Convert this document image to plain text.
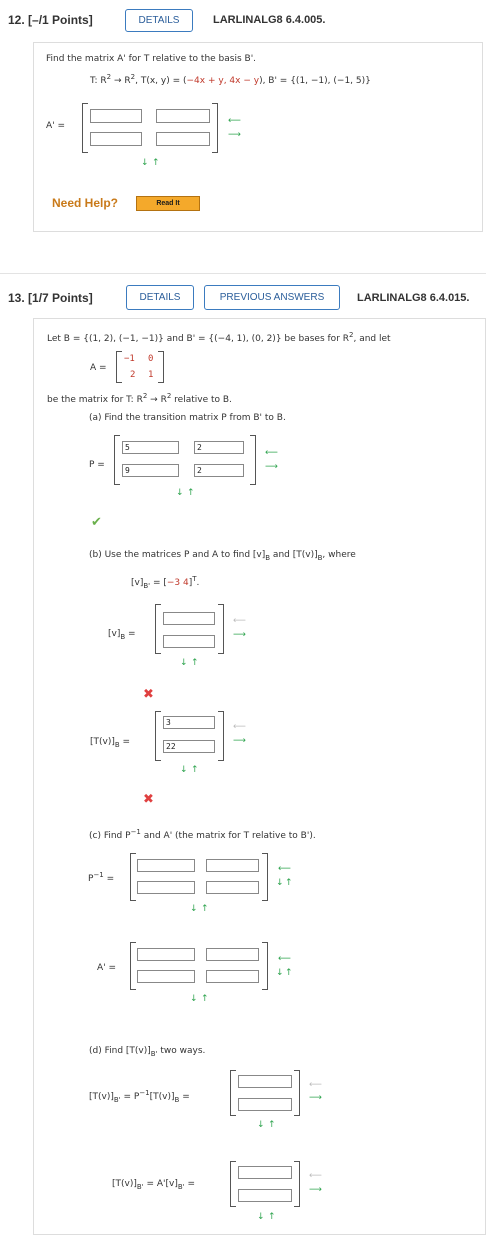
12. [–/1 Points]	DETAILS	LARLINALG8 6.4.005.
Find the matrix A' for T relative to the basis B'.
T: $R^2 \to R^2$, T(x, y) = (−4x + y, 4x − y), B' = {(1, −1), (−1, 5)}
A' =	⟵
⟶
↓ ↑
Need Help?	Read It
13. [1/7 Points]	DETAILS	PREVIOUS ANSWERS	LARLINALG8 6.4.015.
Let B = {(1, 2), (−1, −1)} and B' = {(−4, 1), (0, 2)} be bases for $R^2$, and let
A =
−1 0
2 1
be the matrix for T: $R^2 \to R^2$ relative to B.
(a) Find the transition matrix P from B' to B.
P =
5	2
9	2
⟵
⟶
↓ ↑
✔
(b) Use the matrices P and A to find $[v]_B$ and $[T(v)]_B$, where
$[v]_{B'} = [-3$ 4]$^T$.
$[v]_B$ =
⟵
⟶
↓ ↑
✖
$[T(v)]_B$ =
3
22
⟵
⟶
↓ ↑
✖
(c) Find $P^{-1}$ and A' (the matrix for T relative to B').
$P^{-1}$ =
⟵
↓ ↑
↓ ↑
A' =
⟵
↓ ↑
↓ ↑
(d) Find $[T(v)]_{B'}$ two ways.
$[T(v)]_{B'} = P^{-1}[T(v)]_B$ =
⟵
⟶
↓ ↑
$[T(v)]_{B'} = A'[v]_{B'}$ =
⟵
⟶
↓ ↑
